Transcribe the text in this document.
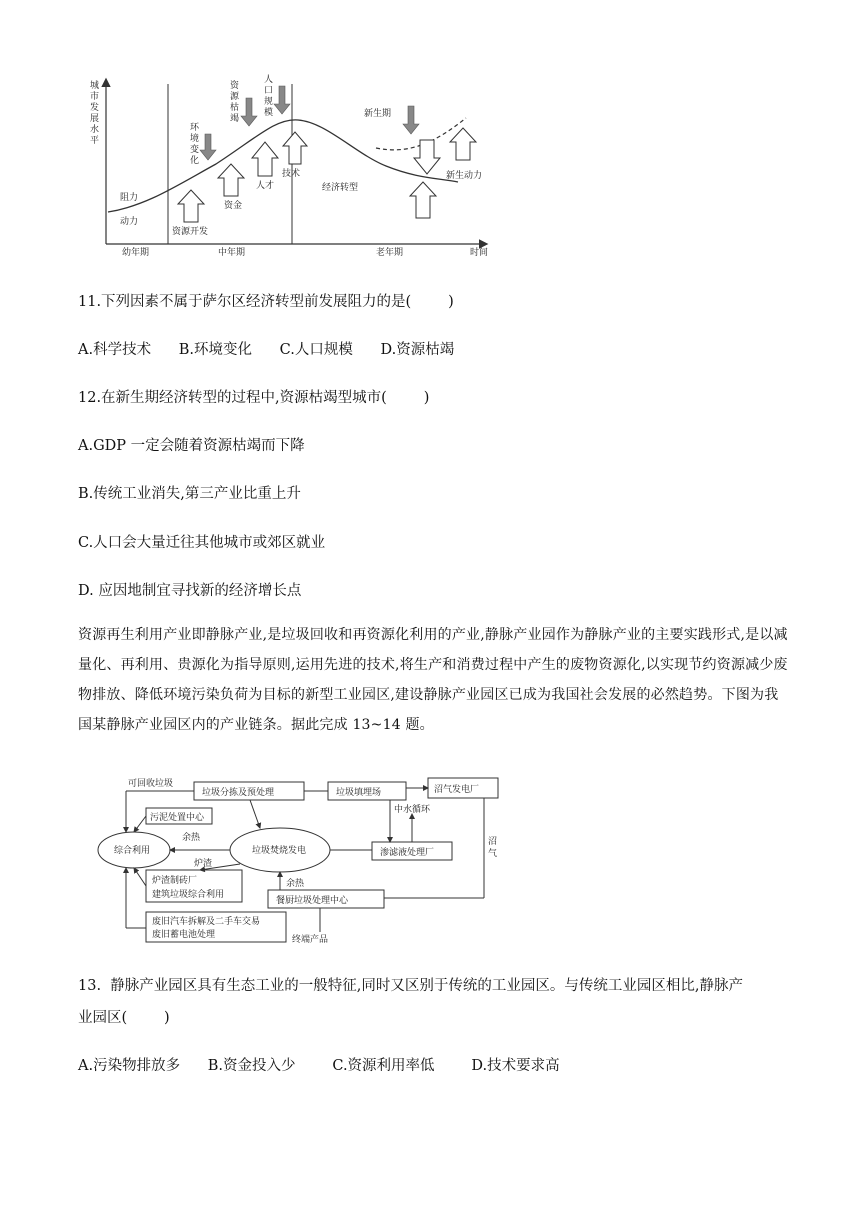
城
市
发
展
水
平
阻力
动力
资源开发
资金
人才
技术
经济转型
新生期
新生动力
环
境
变
化
资
源
枯
竭
人
口
规
模
幼年期	中年期	老年期	时间
11.下列因素不属于萨尔区经济转型前发展阻力的是(        )
A.科学技术      B.环境变化      C.人口规模      D.资源枯竭
12.在新生期经济转型的过程中,资源枯竭型城市(        )
A.GDP 一定会随着资源枯竭而下降
B.传统工业消失,第三产业比重上升
C.人口会大量迁往其他城市或郊区就业
D. 应因地制宜寻找新的经济增长点
资源再生利用产业即静脉产业,是垃圾回收和再资源化利用的产业,静脉产业园作为静脉产业的主要实践形式,是以减量化、再利用、贵源化为指导原则,运用先进的技术,将生产和消费过程中产生的废物资源化,以实现节约资源减少废物排放、降低环境污染负荷为目标的新型工业园区,建设静脉产业园区已成为我国社会发展的必然趋势。下图为我国某静脉产业园区内的产业链条。据此完成 13~14 题。
可回收垃圾
垃圾分拣及预处理	垃圾填埋场	沼气发电厂
污泥处置中心
中水循环
沼
气
综合利用
余热
垃圾焚烧发电	渗滤液处理厂
炉渣
炉渣制砖厂
建筑垃圾综合利用
余热
餐厨垃圾处理中心
废旧汽车拆解及二手车交易
废旧蓄电池处理	终端产品
13.  静脉产业园区具有生态工业的一般特征,同时又区别于传统的工业园区。与传统工业园区相比,静脉产
业园区(        )
A.污染物排放多      B.资金投入少        C.资源利用率低        D.技术要求高
